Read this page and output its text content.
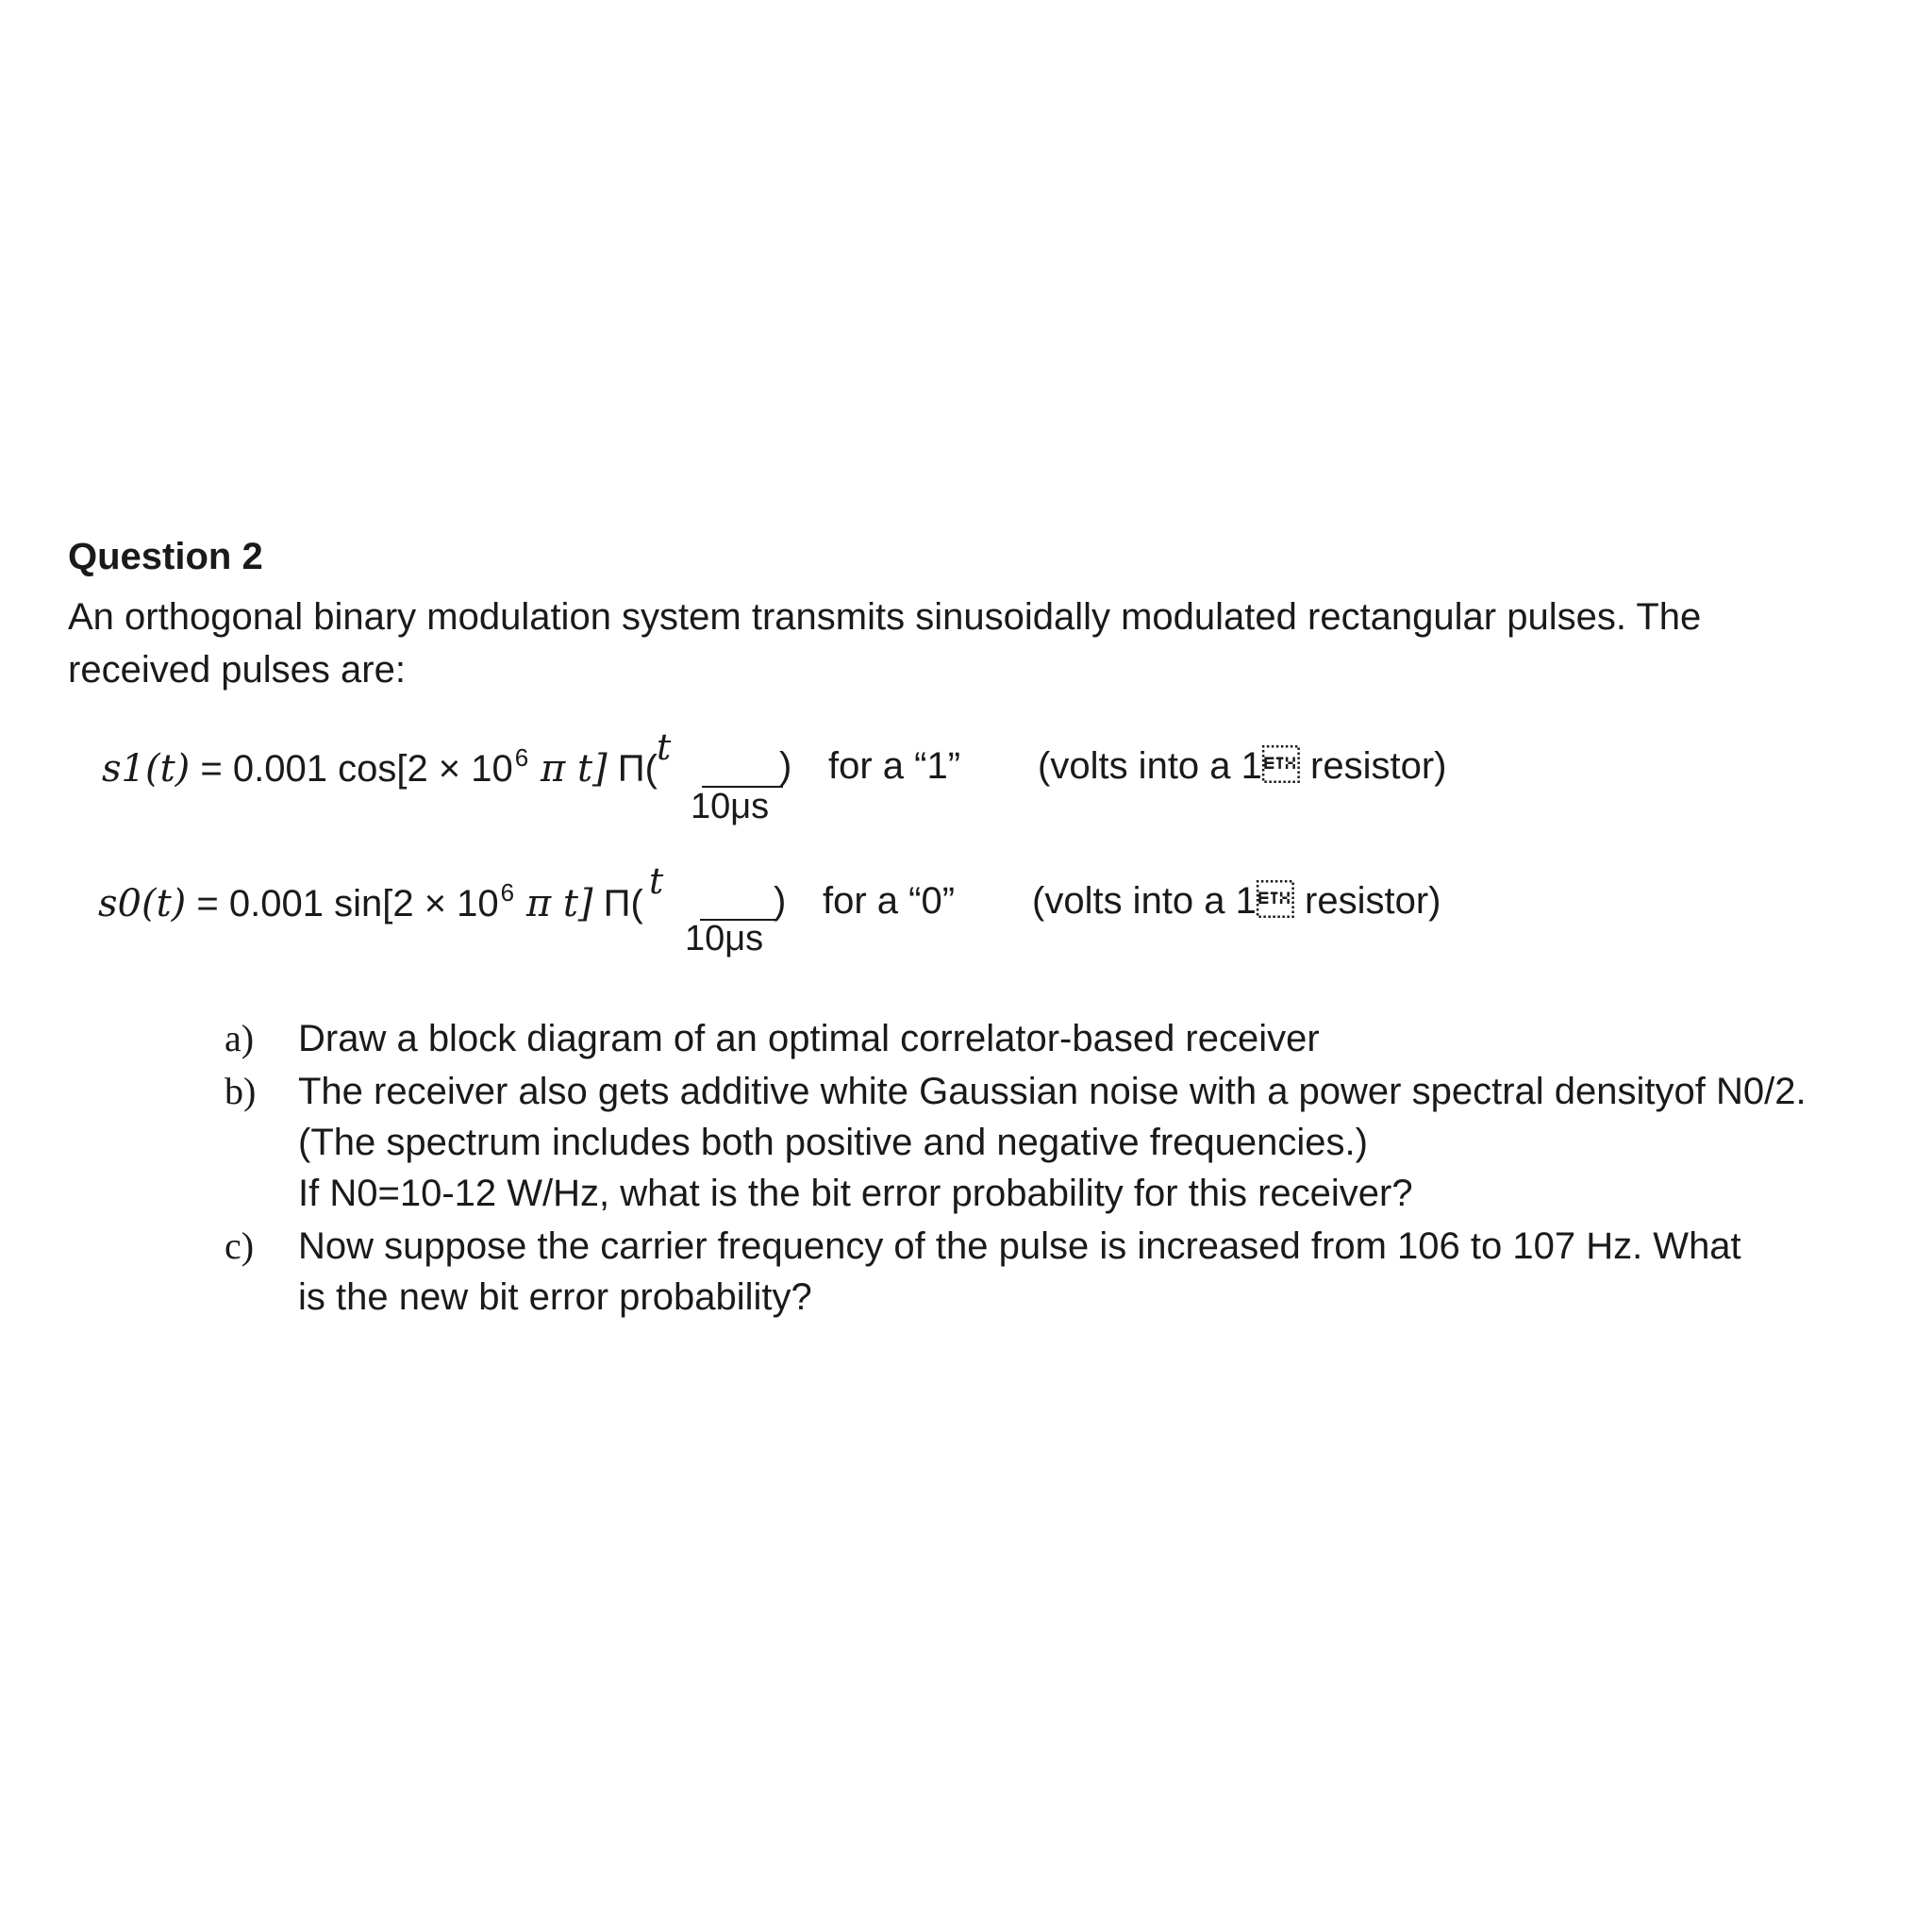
Question 2
An orthogonal binary modulation system transmits sinusoidally modulated rectangular pulses. The
received pulses are:
s1(t) = 0.001 $\cos[2 \times 10^6$ π t] Π(
t
10μs
) for a “1” (volts into a 1 resistor)
s0(t) = 0.001 $\sin[2 \times 10^6$ π t] Π(
t
10μs
) for a “0” (volts into a 1 resistor)
a)	Draw a block diagram of an optimal correlator-based receiver
b)	The receiver also gets additive white Gaussian noise with a power spectral densityof N0/2.
(The spectrum includes both positive and negative frequencies.)
If N0=10-12 W/Hz, what is the bit error probability for this receiver?
c)	Now suppose the carrier frequency of the pulse is increased from 106 to 107 Hz. What
is the new bit error probability?
